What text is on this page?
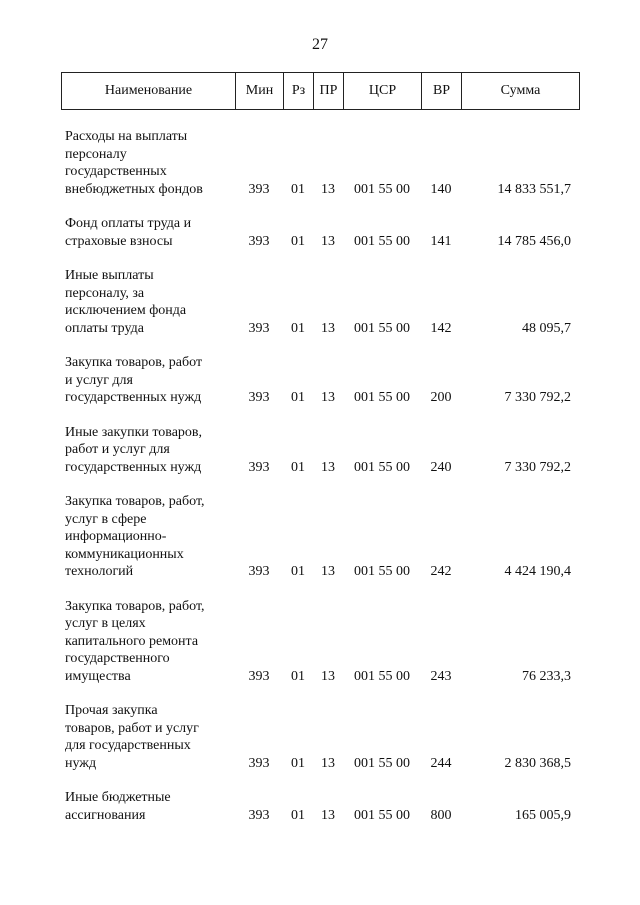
27
Наименование	Мин	Рз	ПР	ЦСР	ВР	Сумма
Расходы на выплаты
персоналу
государственных
внебюджетных фондов	393	01	13	001 55 00	140	14 833 551,7
Фонд оплаты труда и
страховые взносы	393	01	13	001 55 00	141	14 785 456,0
Иные выплаты
персоналу, за
исключением фонда
оплаты труда	393	01	13	001 55 00	142	48 095,7
Закупка товаров, работ
и услуг для
государственных нужд	393	01	13	001 55 00	200	7 330 792,2
Иные закупки товаров,
работ и услуг для
государственных нужд	393	01	13	001 55 00	240	7 330 792,2
Закупка товаров, работ,
услуг в сфере
информационно-
коммуникационных
технологий	393	01	13	001 55 00	242	4 424 190,4
Закупка товаров, работ,
услуг в целях
капитального ремонта
государственного
имущества	393	01	13	001 55 00	243	76 233,3
Прочая закупка
товаров, работ и услуг
для государственных
нужд	393	01	13	001 55 00	244	2 830 368,5
Иные бюджетные
ассигнования	393	01	13	001 55 00	800	165 005,9
